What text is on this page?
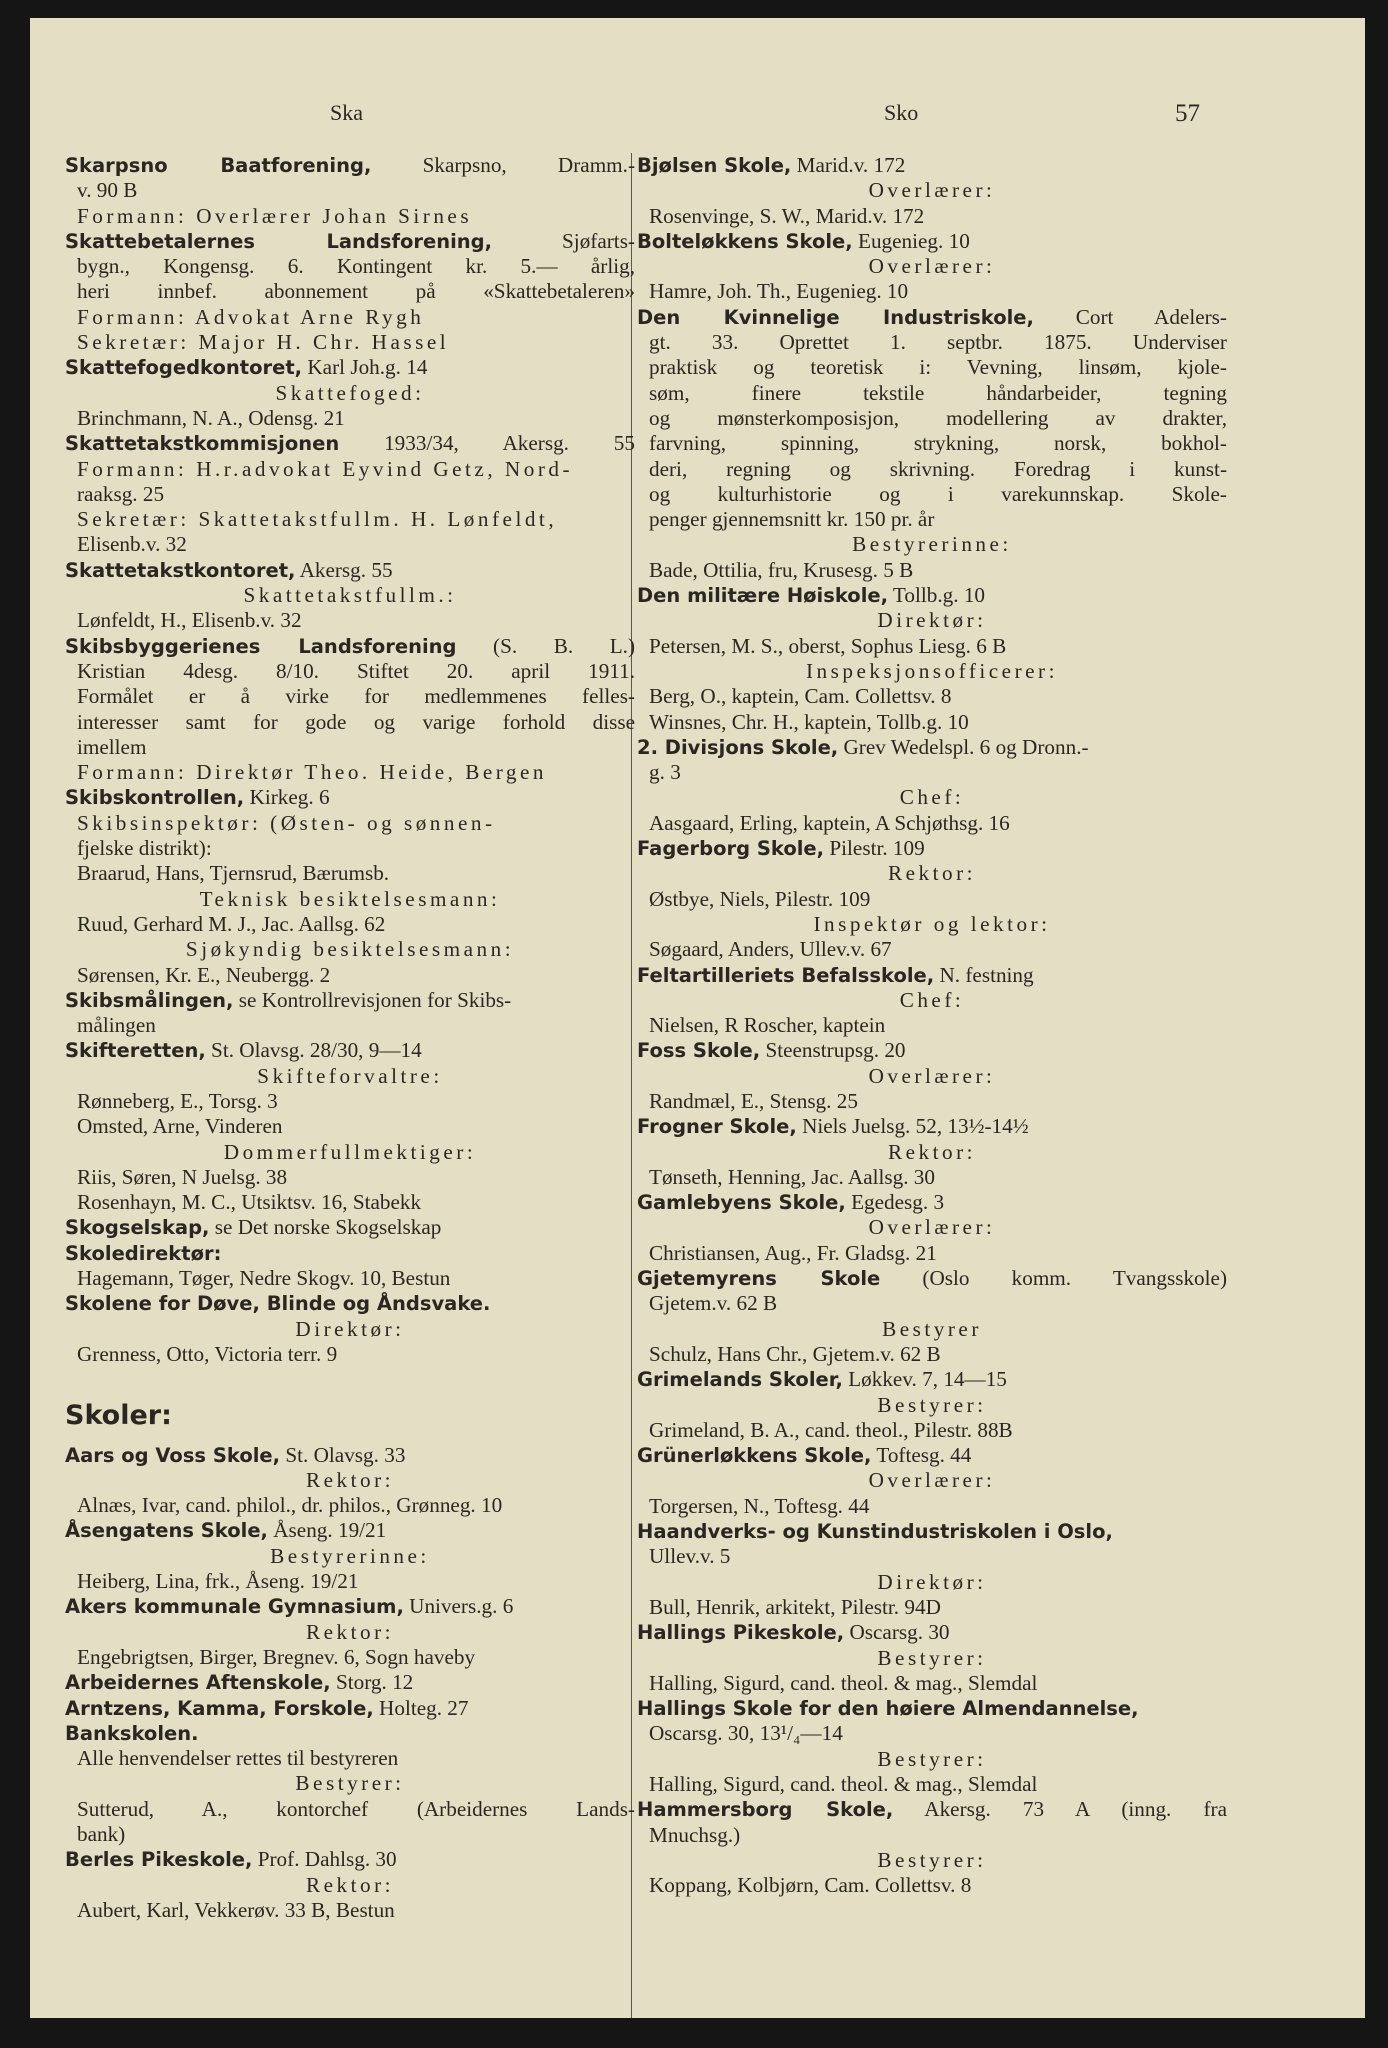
Ska	Sko	57
Skarpsno Baatforening, Skarpsno, Dramm.-
v. 90 B
Formann: Overlærer Johan Sirnes
Skattebetalernes Landsforening, Sjøfarts-
bygn., Kongensg. 6. Kontingent kr. 5.— årlig,
heri innbef. abonnement på «Skattebetaleren»
Formann: Advokat Arne Rygh
Sekretær: Major H. Chr. Hassel
Skattefogedkontoret, Karl Joh.g. 14
Skattefoged:
Brinchmann, N. A., Odensg. 21
Skattetakstkommisjonen 1933/34, Akersg. 55
Formann: H.r.advokat Eyvind Getz, Nord-
raaksg. 25
Sekretær: Skattetakstfullm. H. Lønfeldt,
Elisenb.v. 32
Skattetakstkontoret, Akersg. 55
Skattetakstfullm.:
Lønfeldt, H., Elisenb.v. 32
Skibsbyggerienes Landsforening (S. B. L.)
Kristian 4desg. 8/10. Stiftet 20. april 1911.
Formålet er å virke for medlemmenes felles-
interesser samt for gode og varige forhold disse
imellem
Formann: Direktør Theo. Heide, Bergen
Skibskontrollen, Kirkeg. 6
Skibsinspektør: (Østen- og sønnen-
fjelske distrikt):
Braarud, Hans, Tjernsrud, Bærumsb.
Teknisk besiktelsesmann:
Ruud, Gerhard M. J., Jac. Aallsg. 62
Sjøkyndig besiktelsesmann:
Sørensen, Kr. E., Neubergg. 2
Skibsmålingen, se Kontrollrevisjonen for Skibs-
målingen
Skifteretten, St. Olavsg. 28/30, 9—14
Skifteforvaltre:
Rønneberg, E., Torsg. 3
Omsted, Arne, Vinderen
Dommerfullmektiger:
Riis, Søren, N Juelsg. 38
Rosenhayn, M. C., Utsiktsv. 16, Stabekk
Skogselskap, se Det norske Skogselskap
Skoledirektør:
Hagemann, Tøger, Nedre Skogv. 10, Bestun
Skolene for Døve, Blinde og Åndsvake.
Direktør:
Grenness, Otto, Victoria terr. 9
Skoler:
Aars og Voss Skole, St. Olavsg. 33
Rektor:
Alnæs, Ivar, cand. philol., dr. philos., Grønneg. 10
Åsengatens Skole, Åseng. 19/21
Bestyrerinne:
Heiberg, Lina, frk., Åseng. 19/21
Akers kommunale Gymnasium, Univers.g. 6
Rektor:
Engebrigtsen, Birger, Bregnev. 6, Sogn haveby
Arbeidernes Aftenskole, Storg. 12
Arntzens, Kamma, Forskole, Holteg. 27
Bankskolen.
Alle henvendelser rettes til bestyreren
Bestyrer:
Sutterud, A., kontorchef (Arbeidernes Lands-
bank)
Berles Pikeskole, Prof. Dahlsg. 30
Rektor:
Aubert, Karl, Vekkerøv. 33 B, Bestun
Bjølsen Skole, Marid.v. 172
Overlærer:
Rosenvinge, S. W., Marid.v. 172
Bolteløkkens Skole, Eugenieg. 10
Overlærer:
Hamre, Joh. Th., Eugenieg. 10
Den Kvinnelige Industriskole, Cort Adelers-
gt. 33. Oprettet 1. septbr. 1875. Underviser
praktisk og teoretisk i: Vevning, linsøm, kjole-
søm, finere tekstile håndarbeider, tegning
og mønsterkomposisjon, modellering av drakter,
farvning, spinning, strykning, norsk, bokhol-
deri, regning og skrivning. Foredrag i kunst-
og kulturhistorie og i varekunnskap. Skole-
penger gjennemsnitt kr. 150 pr. år
Bestyrerinne:
Bade, Ottilia, fru, Krusesg. 5 B
Den militære Høiskole, Tollb.g. 10
Direktør:
Petersen, M. S., oberst, Sophus Liesg. 6 B
Inspeksjonsofficerer:
Berg, O., kaptein, Cam. Collettsv. 8
Winsnes, Chr. H., kaptein, Tollb.g. 10
2. Divisjons Skole, Grev Wedelspl. 6 og Dronn.-
g. 3
Chef:
Aasgaard, Erling, kaptein, A Schjøthsg. 16
Fagerborg Skole, Pilestr. 109
Rektor:
Østbye, Niels, Pilestr. 109
Inspektør og lektor:
Søgaard, Anders, Ullev.v. 67
Feltartilleriets Befalsskole, N. festning
Chef:
Nielsen, R Roscher, kaptein
Foss Skole, Steenstrupsg. 20
Overlærer:
Randmæl, E., Stensg. 25
Frogner Skole, Niels Juelsg. 52, 13½-14½
Rektor:
Tønseth, Henning, Jac. Aallsg. 30
Gamlebyens Skole, Egedesg. 3
Overlærer:
Christiansen, Aug., Fr. Gladsg. 21
Gjetemyrens Skole (Oslo komm. Tvangsskole)
Gjetem.v. 62 B
Bestyrer
Schulz, Hans Chr., Gjetem.v. 62 B
Grimelands Skoler, Løkkev. 7, 14—15
Bestyrer:
Grimeland, B. A., cand. theol., Pilestr. 88B
Grünerløkkens Skole, Toftesg. 44
Overlærer:
Torgersen, N., Toftesg. 44
Haandverks- og Kunstindustriskolen i Oslo,
Ullev.v. 5
Direktør:
Bull, Henrik, arkitekt, Pilestr. 94D
Hallings Pikeskole, Oscarsg. 30
Bestyrer:
Halling, Sigurd, cand. theol. & mag., Slemdal
Hallings Skole for den høiere Almendannelse,
Oscarsg. 30, 13¹/₄—14
Bestyrer:
Halling, Sigurd, cand. theol. & mag., Slemdal
Hammersborg Skole, Akersg. 73 A (inng. fra
Mnuchsg.)
Bestyrer:
Koppang, Kolbjørn, Cam. Collettsv. 8
